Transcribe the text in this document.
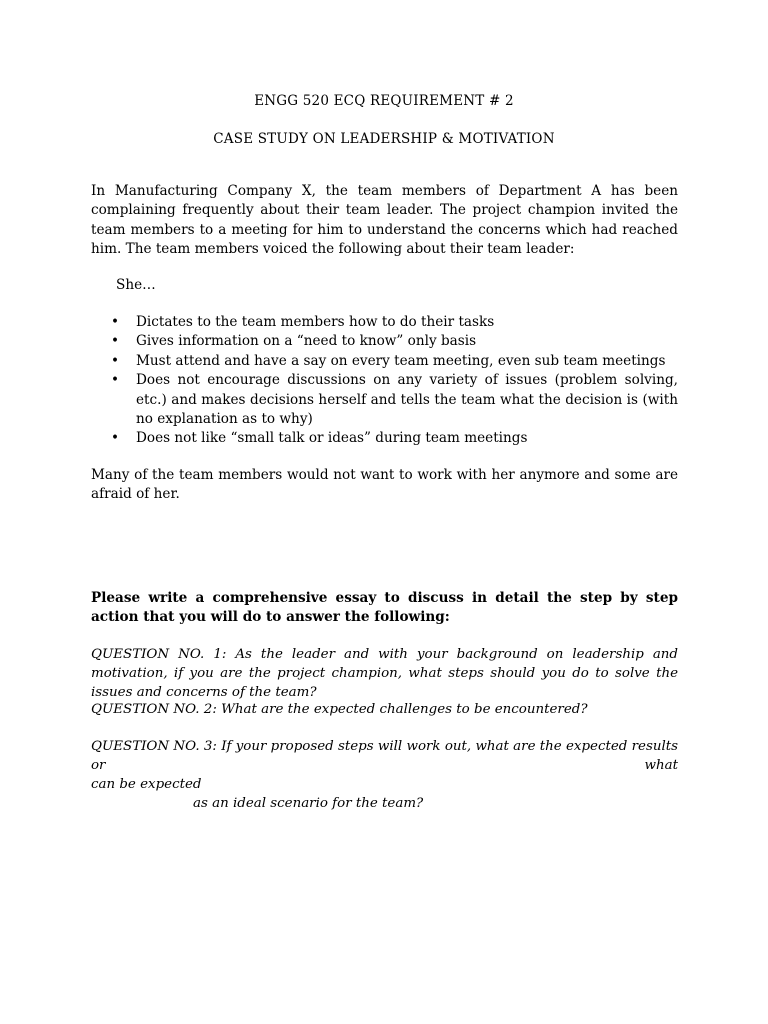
ENGG 520 ECQ REQUIREMENT # 2
CASE STUDY ON LEADERSHIP & MOTIVATION
In Manufacturing Company X, the team members of Department A has been complaining frequently about their team leader. The project champion invited the team members to a meeting for him to understand the concerns which had reached him. The team members voiced the following about their team leader:
She…
• Dictates to the team members how to do their tasks
• Gives information on a “need to know” only basis
• Must attend and have a say on every team meeting, even sub team meetings
• Does not encourage discussions on any variety of issues (problem solving, etc.) and makes decisions herself and tells the team what the decision is (with no explanation as to why)
• Does not like “small talk or ideas” during team meetings
Many of the team members would not want to work with her anymore and some are afraid of her.
Please write a comprehensive essay to discuss in detail the step by step action that you will do to answer the following:
QUESTION NO. 1: As the leader and with your background on leadership and motivation, if you are the project champion, what steps should you do to solve the issues and concerns of the team?
QUESTION NO. 2: What are the expected challenges to be encountered?
QUESTION NO. 3: If your proposed steps will work out, what are the expected results or what
can be expected
as an ideal scenario for the team?
